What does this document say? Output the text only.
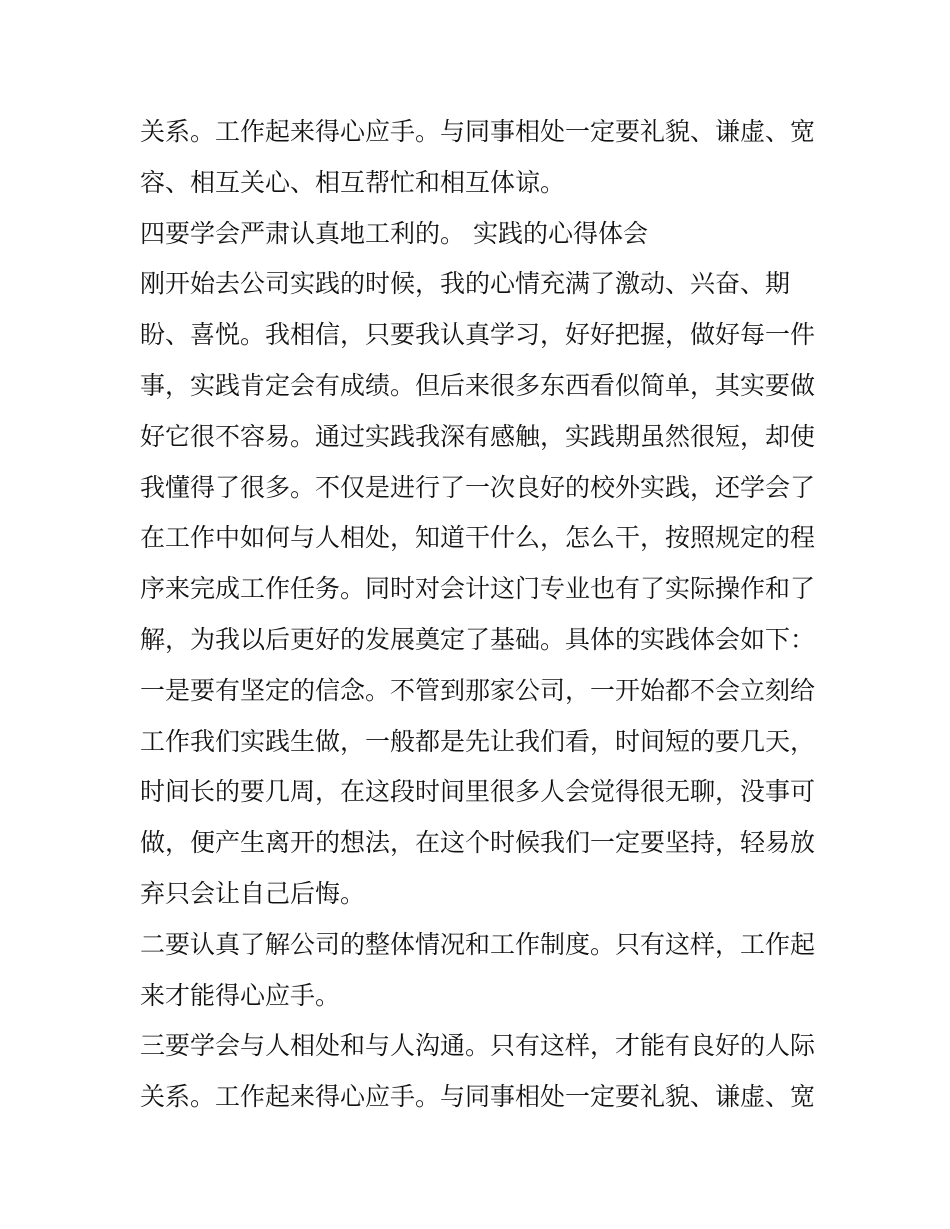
关系。工作起来得心应手。与同事相处一定要礼貌、谦虚、宽
容、相互关心、相互帮忙和相互体谅。
四要学会严肃认真地工利的。 实践的心得体会
刚开始去公司实践的时候，我的心情充满了激动、兴奋、期
盼、喜悦。我相信，只要我认真学习，好好把握，做好每一件
事，实践肯定会有成绩。但后来很多东西看似简单，其实要做
好它很不容易。通过实践我深有感触，实践期虽然很短，却使
我懂得了很多。不仅是进行了一次良好的校外实践，还学会了
在工作中如何与人相处，知道干什么，怎么干，按照规定的程
序来完成工作任务。同时对会计这门专业也有了实际操作和了
解，为我以后更好的发展奠定了基础。具体的实践体会如下：
一是要有坚定的信念。不管到那家公司，一开始都不会立刻给
工作我们实践生做，一般都是先让我们看，时间短的要几天，
时间长的要几周，在这段时间里很多人会觉得很无聊，没事可
做，便产生离开的想法，在这个时候我们一定要坚持，轻易放
弃只会让自己后悔。
二要认真了解公司的整体情况和工作制度。只有这样，工作起
来才能得心应手。
三要学会与人相处和与人沟通。只有这样，才能有良好的人际
关系。工作起来得心应手。与同事相处一定要礼貌、谦虚、宽
